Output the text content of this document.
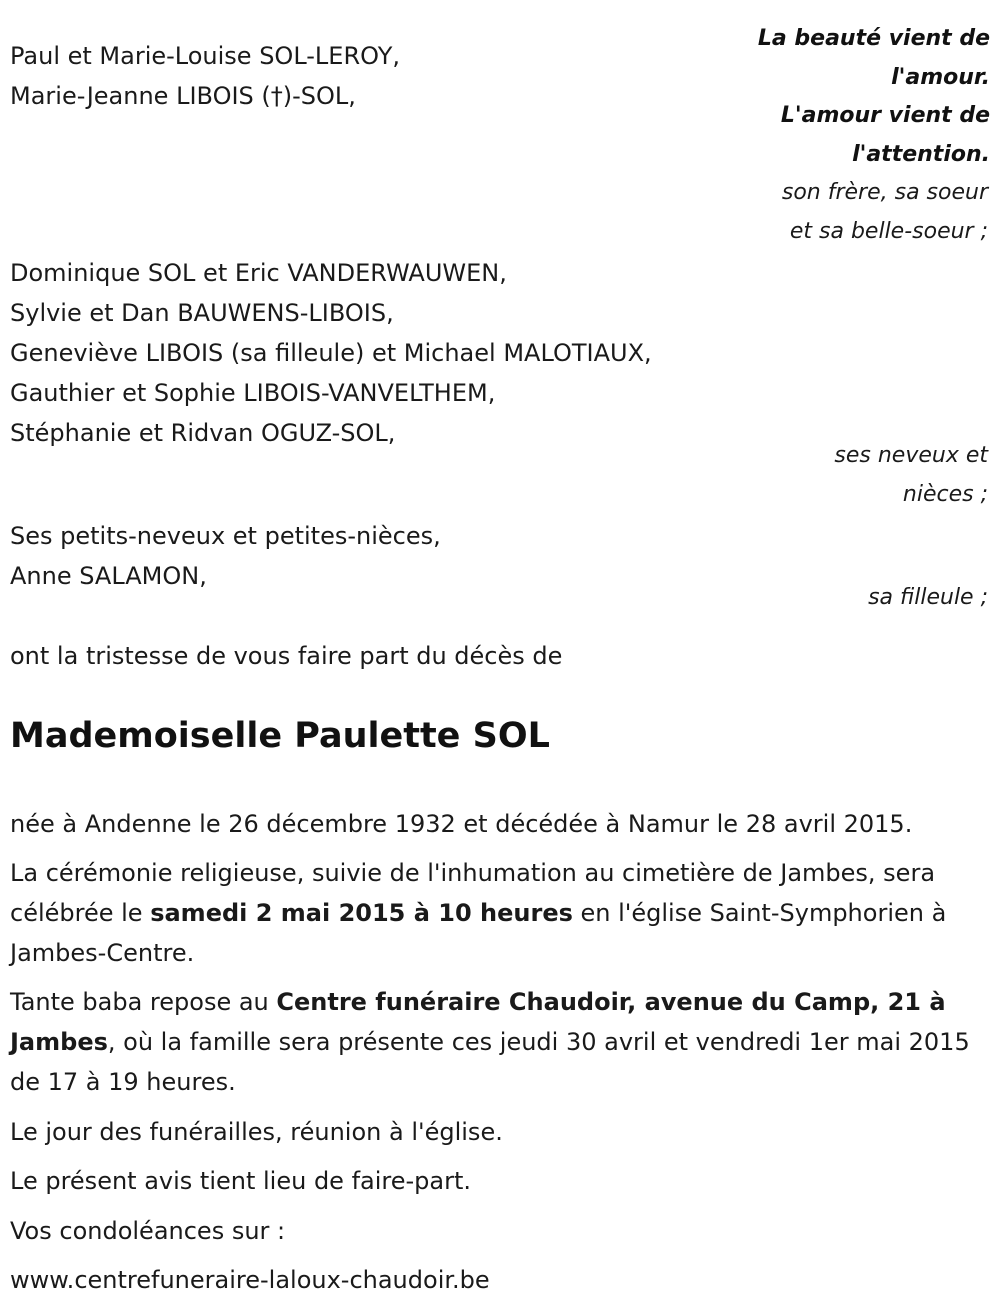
La beauté vient de
l'amour.
L'amour vient de
l'attention.
Paul et Marie-Louise SOL-LEROY,
Marie-Jeanne LIBOIS (†)-SOL,
son frère, sa soeur
et sa belle-soeur ;
Dominique SOL et Eric VANDERWAUWEN,
Sylvie et Dan BAUWENS-LIBOIS,
Geneviève LIBOIS (sa filleule) et Michael MALOTIAUX,
Gauthier et Sophie LIBOIS-VANVELTHEM,
Stéphanie et Ridvan OGUZ-SOL,
ses neveux et
nièces ;
Ses petits-neveux et petites-nièces,
Anne SALAMON,
sa filleule ;
ont la tristesse de vous faire part du décès de
Mademoiselle Paulette SOL
née à Andenne le 26 décembre 1932 et décédée à Namur le 28 avril 2015.
La cérémonie religieuse, suivie de l'inhumation au cimetière de Jambes, sera célébrée le samedi 2 mai 2015 à 10 heures en l'église Saint-Symphorien à Jambes-Centre.
Tante baba repose au Centre funéraire Chaudoir, avenue du Camp, 21 à Jambes, où la famille sera présente ces jeudi 30 avril et vendredi 1er mai 2015 de 17 à 19 heures.
Le jour des funérailles, réunion à l'église.
Le présent avis tient lieu de faire-part.
Vos condoléances sur :
www.centrefuneraire-laloux-chaudoir.be
